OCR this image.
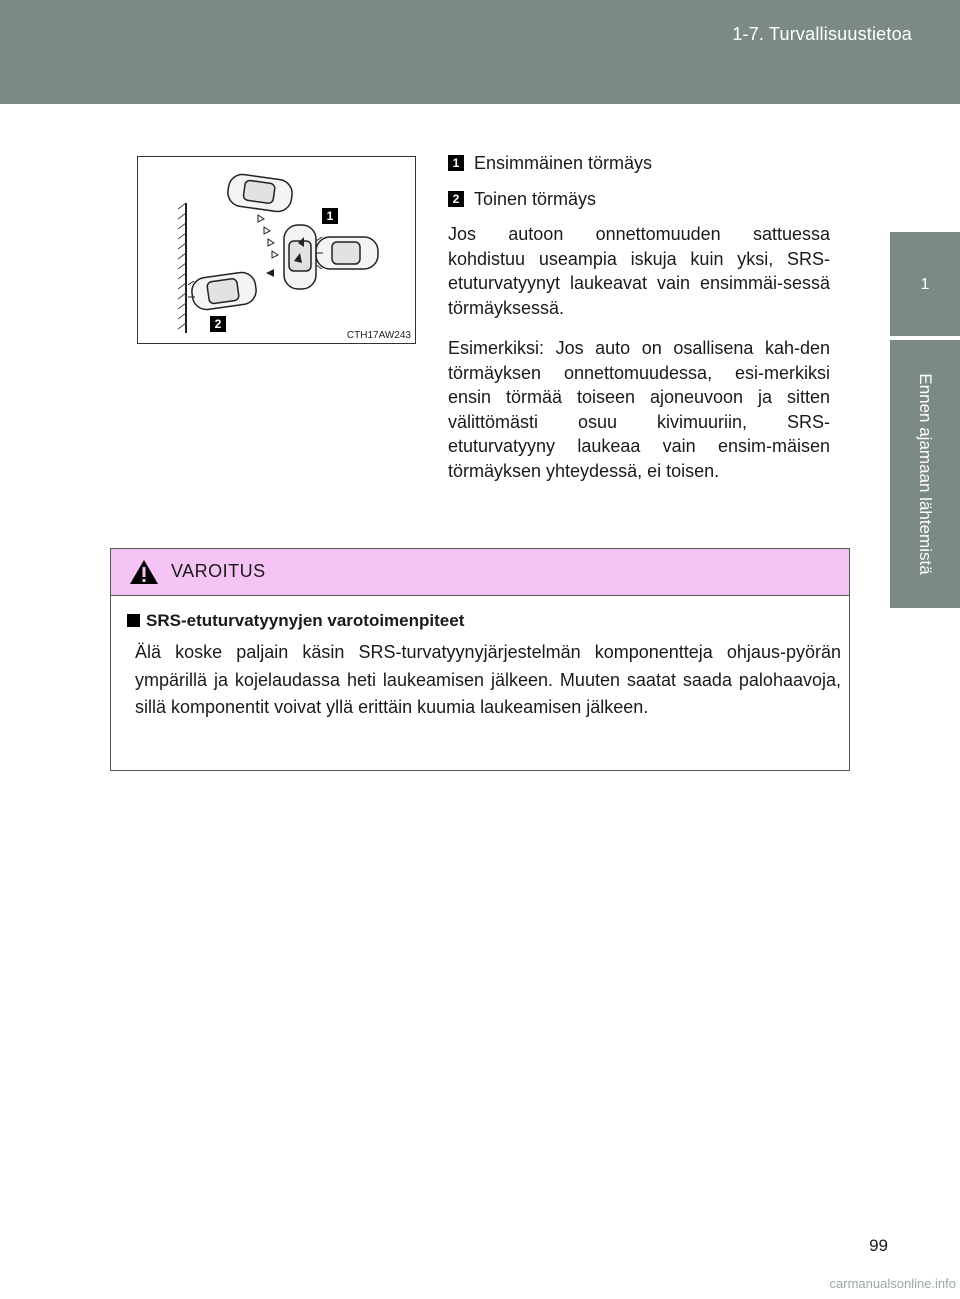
1-7. Turvallisuustietoa
1
Ennen ajamaan lähtemistä
1
2
CTH17AW243
1 Ensimmäinen törmäys
2 Toinen törmäys

Jos autoon onnettomuuden sattuessa kohdistuu useampia iskuja kuin yksi, SRS-etuturvatyynyt laukeavat vain ensimmäi-sessä törmäyksessä.

Esimerkiksi: Jos auto on osallisena kah-den törmäyksen onnettomuudessa, esi-merkiksi ensin törmää toiseen ajoneuvoon ja sitten välittömästi osuu kivimuuriin, SRS-etuturvatyyny laukeaa vain ensim-mäisen törmäyksen yhteydessä, ei toisen.

VAROITUS
SRS-etuturvatyynyjen varotoimenpiteet

Älä koske paljain käsin SRS-turvatyynyjärjestelmän komponentteja ohjaus-pyörän ympärillä ja kojelaudassa heti laukeamisen jälkeen. Muuten saatat saada palohaavoja, sillä komponentit voivat yllä erittäin kuumia laukeamisen jälkeen.

99
carmanualsonline.info
